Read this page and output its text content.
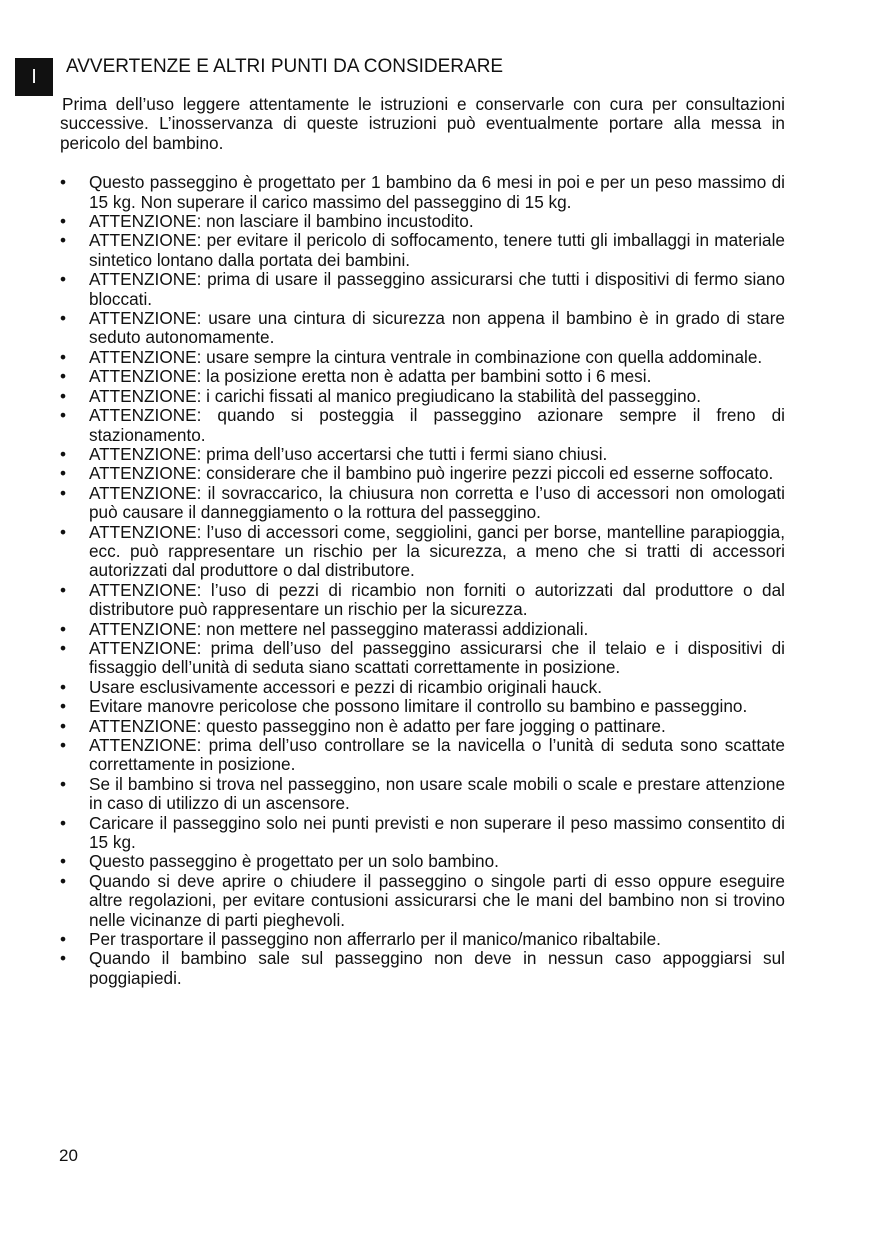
I	AVVERTENZE E ALTRI PUNTI DA CONSIDERARE

Prima dell’uso leggere attentamente le istruzioni e conservarle con cura per consultazioni successive. L’inosservanza di queste istruzioni può eventualmente portare alla messa in pericolo del bambino.

• Questo passeggino è progettato per 1 bambino da 6 mesi in poi e per un peso massimo di 15 kg. Non superare il carico massimo del passeggino di 15 kg.
• ATTENZIONE: non lasciare il bambino incustodito.
• ATTENZIONE: per evitare il pericolo di soffocamento, tenere tutti gli imballaggi in materiale sintetico lontano dalla portata dei bambini.
• ATTENZIONE: prima di usare il passeggino assicurarsi che tutti i dispositivi di fermo siano bloccati.
• ATTENZIONE: usare una cintura di sicurezza non appena il bambino è in grado di stare seduto autonomamente.
• ATTENZIONE: usare sempre la cintura ventrale in combinazione con quella addominale.
• ATTENZIONE: la posizione eretta non è adatta per bambini sotto i 6 mesi.
• ATTENZIONE: i carichi fissati al manico pregiudicano la stabilità del passeggino.
• ATTENZIONE: quando si posteggia il passeggino azionare sempre il freno di stazionamento.
• ATTENZIONE: prima dell’uso accertarsi che tutti i fermi siano chiusi.
• ATTENZIONE: considerare che il bambino può ingerire pezzi piccoli ed esserne soffocato.
• ATTENZIONE: il sovraccarico, la chiusura non corretta e l’uso di accessori non omologati può causare il danneggiamento o la rottura del passeggino.
• ATTENZIONE: l’uso di accessori come, seggiolini, ganci per borse, mantelline parapioggia, ecc. può rappresentare un rischio per la sicurezza, a meno che si tratti di accessori autorizzati dal produttore o dal distributore.
• ATTENZIONE: l’uso di pezzi di ricambio non forniti o autorizzati dal produttore o dal distributore può rappresentare un rischio per la sicurezza.
• ATTENZIONE: non mettere nel passeggino materassi addizionali.
• ATTENZIONE: prima dell’uso del passeggino assicurarsi che il telaio e i dispositivi di fissaggio dell’unità di seduta siano scattati correttamente in posizione.
• Usare esclusivamente accessori e pezzi di ricambio originali hauck.
• Evitare manovre pericolose che possono limitare il controllo su bambino e passeggino.
• ATTENZIONE: questo passeggino non è adatto per fare jogging o pattinare.
• ATTENZIONE: prima dell’uso controllare se la navicella o l’unità di seduta sono scattate correttamente in posizione.
• Se il bambino si trova nel passeggino, non usare scale mobili o scale e prestare attenzione in caso di utilizzo di un ascensore.
• Caricare il passeggino solo nei punti previsti e non superare il peso massimo consentito di 15 kg.
• Questo passeggino è progettato per un solo bambino.
• Quando si deve aprire o chiudere il passeggino o singole parti di esso oppure eseguire altre regolazioni, per evitare contusioni assicurarsi che le mani del bambino non si trovino nelle vicinanze di parti pieghevoli.
• Per trasportare il passeggino non afferrarlo per il manico/manico ribaltabile.
• Quando il bambino sale sul passeggino non deve in nessun caso appoggiarsi sul poggiapiedi.
20
